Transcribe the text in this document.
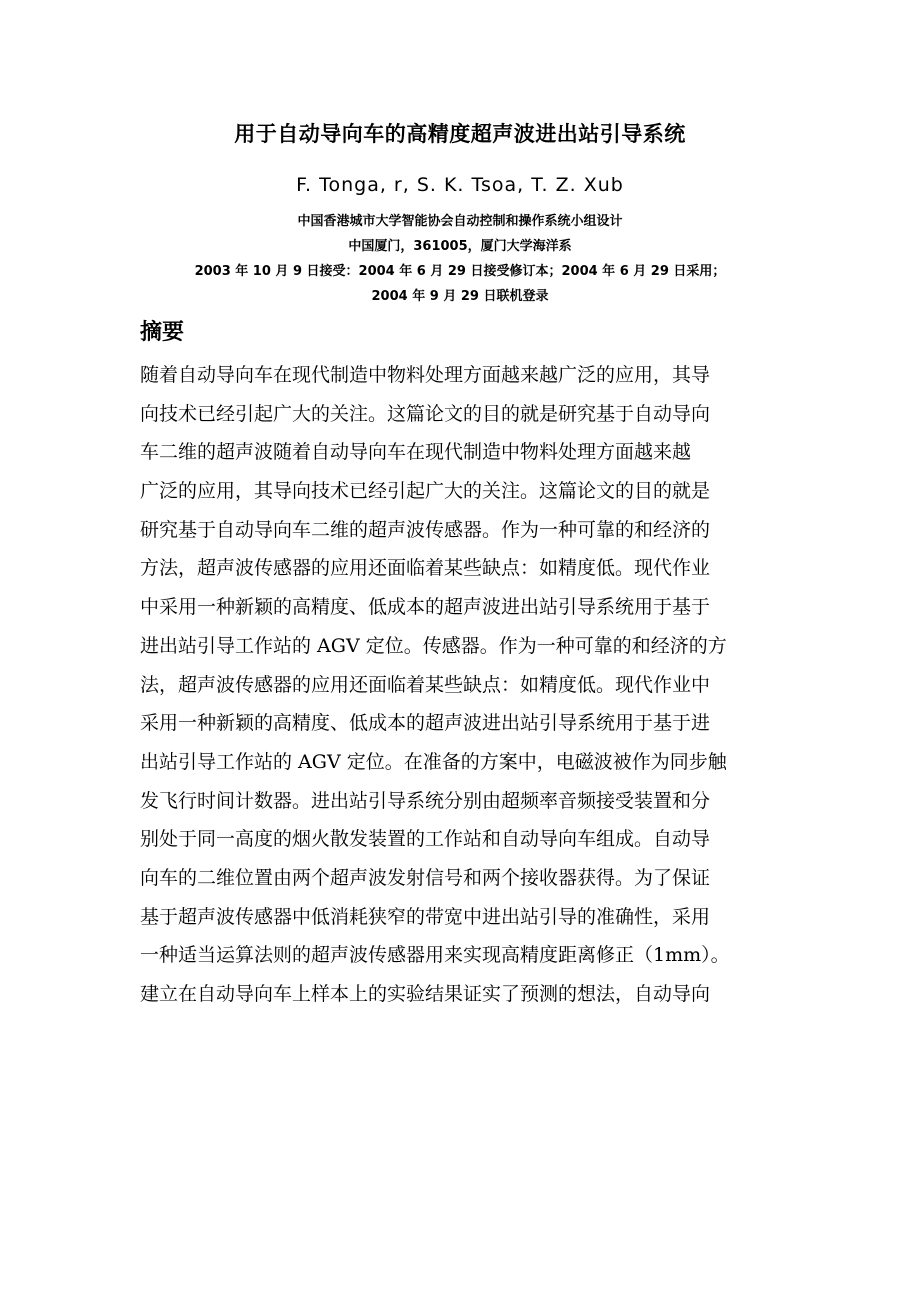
用于自动导向车的高精度超声波进出站引导系统
F. Tonga, r, S. K. Tsoa, T. Z. Xub
中国香港城市大学智能协会自动控制和操作系统小组设计
中国厦门，361005，厦门大学海洋系
2003 年 10 月 9 日接受：2004 年 6 月 29 日接受修订本；2004 年 6 月 29 日采用；
2004 年 9 月 29 日联机登录
摘要
随着自动导向车在现代制造中物料处理方面越来越广泛的应用，其导
向技术已经引起广大的关注。这篇论文的目的就是研究基于自动导向
车二维的超声波随着自动导向车在现代制造中物料处理方面越来越
广泛的应用，其导向技术已经引起广大的关注。这篇论文的目的就是
研究基于自动导向车二维的超声波传感器。作为一种可靠的和经济的
方法，超声波传感器的应用还面临着某些缺点：如精度低。现代作业
中采用一种新颖的高精度、低成本的超声波进出站引导系统用于基于
进出站引导工作站的 AGV 定位。传感器。作为一种可靠的和经济的方
法，超声波传感器的应用还面临着某些缺点：如精度低。现代作业中
采用一种新颖的高精度、低成本的超声波进出站引导系统用于基于进
出站引导工作站的 AGV 定位。在准备的方案中，电磁波被作为同步触
发飞行时间计数器。进出站引导系统分别由超频率音频接受装置和分
别处于同一高度的烟火散发装置的工作站和自动导向车组成。自动导
向车的二维位置由两个超声波发射信号和两个接收器获得。为了保证
基于超声波传感器中低消耗狭窄的带宽中进出站引导的准确性，采用
一种适当运算法则的超声波传感器用来实现高精度距离修正（1mm）。
建立在自动导向车上样本上的实验结果证实了预测的想法，自动导向
